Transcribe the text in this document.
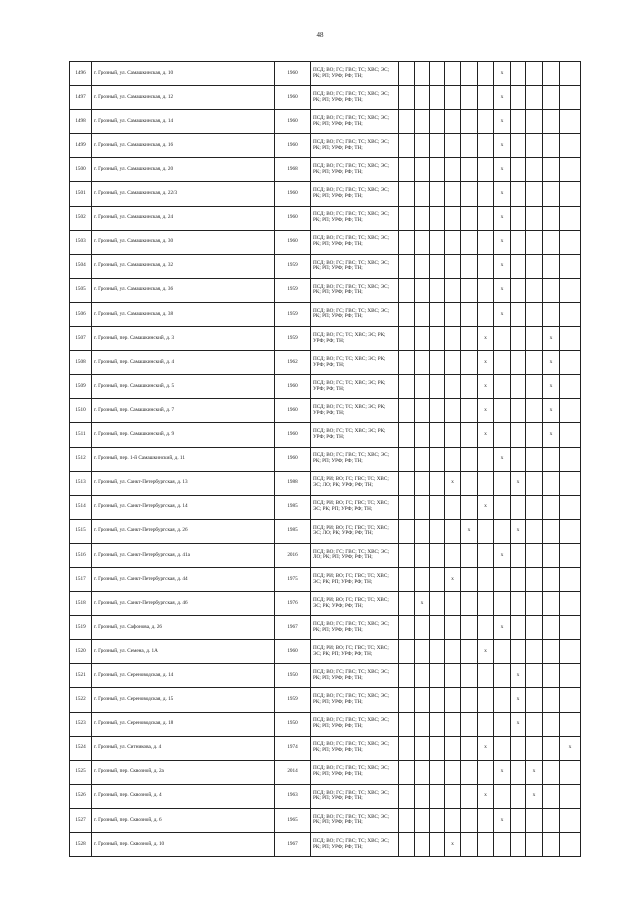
48
1496	г. Грозный, ул. Самашкинская, д. 10	1960	ПСД; ВО; ГС; ГВС; ТС; ХВС; ЭС; РК; РП; УРФ; РФ; ТН;							x				
1497	г. Грозный, ул. Самашкинская, д. 12	1960	ПСД; ВО; ГС; ГВС; ТС; ХВС; ЭС; РК; РП; УРФ; РФ; ТН;							x				
1498	г. Грозный, ул. Самашкинская, д. 14	1960	ПСД; ВО; ГС; ГВС; ТС; ХВС; ЭС; РК; РП; УРФ; РФ; ТН;							x				
1499	г. Грозный, ул. Самашкинская, д. 16	1960	ПСД; ВО; ГС; ГВС; ТС; ХВС; ЭС; РК; РП; УРФ; РФ; ТН;							x				
1500	г. Грозный, ул. Самашкинская, д. 20	1968	ПСД; ВО; ГС; ГВС; ТС; ХВС; ЭС; РК; РП; УРФ; РФ; ТН;							x				
1501	г. Грозный, ул. Самашкинская, д. 22/3	1960	ПСД; ВО; ГС; ГВС; ТС; ХВС; ЭС; РК; РП; УРФ; РФ; ТН;							x				
1502	г. Грозный, ул. Самашкинская, д. 24	1960	ПСД; ВО; ГС; ГВС; ТС; ХВС; ЭС; РК; РП; УРФ; РФ; ТН;							x				
1503	г. Грозный, ул. Самашкинская, д. 30	1960	ПСД; ВО; ГС; ГВС; ТС; ХВС; ЭС; РК; РП; УРФ; РФ; ТН;							x				
1504	г. Грозный, ул. Самашкинская, д. 32	1959	ПСД; ВО; ГС; ГВС; ТС; ХВС; ЭС; РК; РП; УРФ; РФ; ТН;							x				
1505	г. Грозный, ул. Самашкинская, д. 36	1959	ПСД; ВО; ГС; ГВС; ТС; ХВС; ЭС; РК; РП; УРФ; РФ; ТН;							x				
1506	г. Грозный, ул. Самашкинская, д. 38	1959	ПСД; ВО; ГС; ГВС; ТС; ХВС; ЭС; РК; РП; УРФ; РФ; ТН;							x				
1507	г. Грозный, пер. Самашкинский, д. 3	1959	ПСД; ВО; ГС; ТС; ХВС; ЭС; РК; УРФ; РФ; ТН;						x				x	
1508	г. Грозный, пер. Самашкинский, д. 4	1962	ПСД; ВО; ГС; ТС; ХВС; ЭС; РК; УРФ; РФ; ТН;						x				x	
1509	г. Грозный, пер. Самашкинский, д. 5	1960	ПСД; ВО; ГС; ТС; ХВС; ЭС; РК; УРФ; РФ; ТН;						x				x	
1510	г. Грозный, пер. Самашкинский, д. 7	1960	ПСД; ВО; ГС; ТС; ХВС; ЭС; РК; УРФ; РФ; ТН;						x				x	
1511	г. Грозный, пер. Самашкинский, д. 9	1960	ПСД; ВО; ГС; ТС; ХВС; ЭС; РК; УРФ; РФ; ТН;						x				x	
1512	г. Грозный, пер. 1-й Самашкинский, д. 11	1960	ПСД; ВО; ГС; ГВС; ТС; ХВС; ЭС; РК; РП; УРФ; РФ; ТН;							x				
1513	г. Грозный, ул. Санкт-Петербургская, д. 13	1988	ПСД; РИ; ВО; ГС; ГВС; ТС; ХВС; ЭС; ЛО; РК; УРФ; РФ; ТН;				x				x			
1514	г. Грозный, ул. Санкт-Петербургская, д. 14	1985	ПСД; РИ; ВО; ГС; ГВС; ТС; ХВС; ЭС; РК; РП; УРФ; РФ; ТН;						x					
1515	г. Грозный, ул. Санкт-Петербургская, д. 26	1985	ПСД; РИ; ВО; ГС; ГВС; ТС; ХВС; ЭС; ЛО; РК; УРФ; РФ; ТН;					x			x			
1516	г. Грозный, ул. Санкт-Петербургская, д. 41а	2016	ПСД; ВО; ГС; ГВС; ТС; ХВС; ЭС; ЛО; РК; РП; УРФ; РФ; ТН;							x				
1517	г. Грозный, ул. Санкт-Петербургская, д. 44	1975	ПСД; РИ; ВО; ГС; ГВС; ТС; ХВС; ЭС; РК; РП; УРФ; РФ; ТН;				x							
1518	г. Грозный, ул. Санкт-Петербургская, д. 46	1976	ПСД; РИ; ВО; ГС; ГВС; ТС; ХВС; ЭС; РК; УРФ; РФ; ТН;		x									
1519	г. Грозный, ул. Сафонова, д. 26	1967	ПСД; ВО; ГС; ГВС; ТС; ХВС; ЭС; РК; РП; УРФ; РФ; ТН;							x				
1520	г. Грозный, ул. Семена, д. 1А	1960	ПСД; РИ; ВО; ГС; ГВС; ТС; ХВС; ЭС; РК; РП; УРФ; РФ; ТН;						x					
1521	г. Грозный, ул. Сереноводская, д. 14	1950	ПСД; ВО; ГС; ГВС; ТС; ХВС; ЭС; РК; РП; УРФ; РФ; ТН;								x			
1522	г. Грозный, ул. Сереноводская, д. 15	1959	ПСД; ВО; ГС; ГВС; ТС; ХВС; ЭС; РК; РП; УРФ; РФ; ТН;								x			
1523	г. Грозный, ул. Сереноводская, д. 18	1950	ПСД; ВО; ГС; ГВС; ТС; ХВС; ЭС; РК; РП; УРФ; РФ; ТН;								x			
1524	г. Грозный, ул. Ситникова, д. 4	1974	ПСД; ВО; ГС; ГВС; ТС; ХВС; ЭС; РК; РП; УРФ; РФ; ТН;						x					x
1525	г. Грозный, пер. Сквозной, д. 2а	2014	ПСД; ВО; ГС; ГВС; ТС; ХВС; ЭС; РК; РП; УРФ; РФ; ТН;							x		x		
1526	г. Грозный, пер. Сквозной, д. 4	1963	ПСД; ВО; ГС; ГВС; ТС; ХВС; ЭС; РК; РП; УРФ; РФ; ТН;						x			x		
1527	г. Грозный, пер. Сквозной, д. 6	1965	ПСД; ВО; ГС; ГВС; ТС; ХВС; ЭС; РК; РП; УРФ; РФ; ТН;							x				
1528	г. Грозный, пер. Сквозной, д. 10	1967	ПСД; ВО; ГС; ГВС; ТС; ХВС; ЭС; РК; РП; УРФ; РФ; ТН;				x							
